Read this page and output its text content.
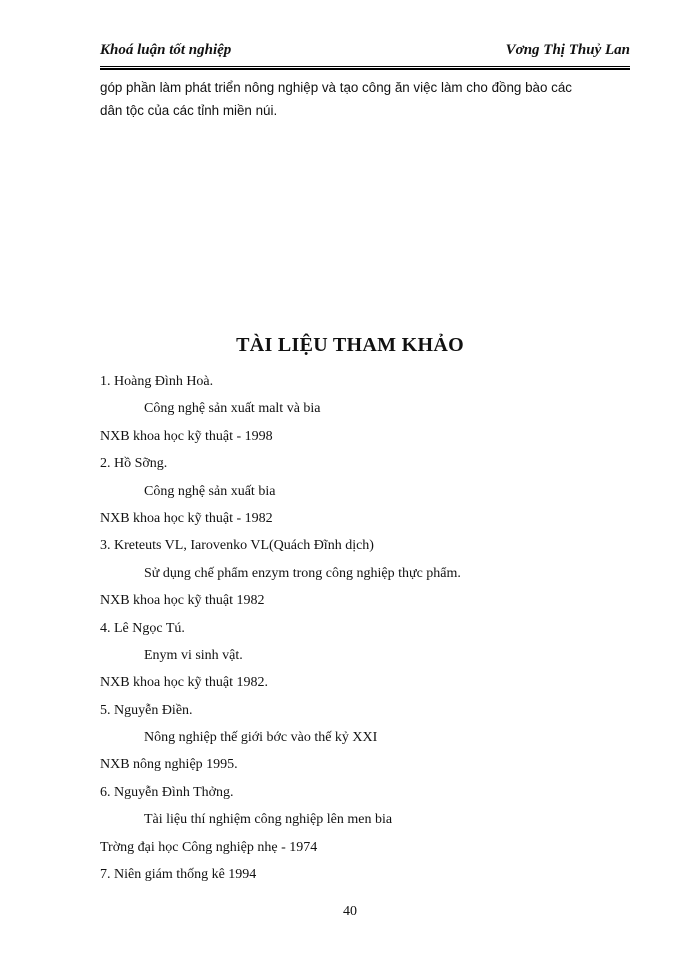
Khoá luận tốt nghiệp	Vơng Thị Thuỷ Lan
góp phần làm phát triển nông nghiệp và tạo công ăn việc làm cho đồng bào các
dân tộc của các tỉnh miền núi.
TÀI LIỆU THAM KHẢO
1. Hoàng Đình Hoà.
Công nghệ sản xuất malt và bia
NXB khoa học kỹ thuật - 1998
2. Hồ Sỡng.
Công nghệ sản xuất bia
NXB khoa học kỹ thuật - 1982
3. Kreteuts VL, Iarovenko VL(Quách Đĩnh dịch)
Sử dụng chế phẩm enzym trong công nghiệp thực phẩm.
NXB khoa học kỹ thuật 1982
4. Lê Ngọc Tú.
Enym vi sinh vật.
NXB khoa học kỹ thuật 1982.
5. Nguyễn Điền.
Nông nghiệp thế giới bớc vào thế kỷ XXI
NXB nông nghiệp 1995.
6. Nguyễn Đình Thởng.
Tài liệu thí nghiệm công nghiệp lên men bia
Trờng đại học Công nghiệp nhẹ - 1974
7. Niên giám thống kê 1994
40
